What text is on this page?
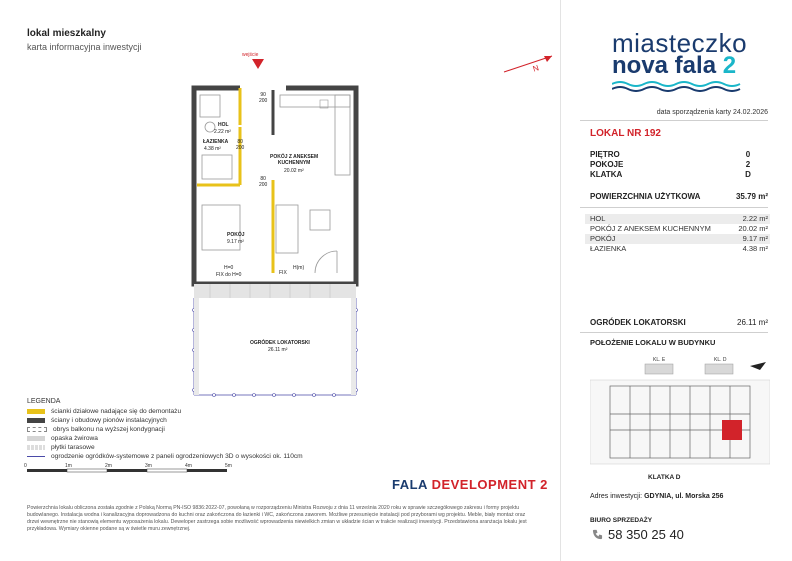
lokal mieszkalny
karta informacyjna inwestycji
wejście
HOL
2.22 m²
ŁAZIENKA
4.38 m²
POKÓJ Z ANEKSEM
KUCHENNYM
20.02 m²
POKÓJ
9.17 m²
80
200
90
200
80
200
FIX
FIX do H=0
H=0	H(m)
OGRÓDEK LOKATORSKI
26.11 m²
N
miasteczko
nova fala 2
data sporządzenia karty 24.02.2026
LOKAL NR 192
PIĘTRO	0
POKOJE	2
KLATKA	D
POWIERZCHNIA UŻYTKOWA	35.79 m²
HOL	2.22 m²
POKÓJ Z ANEKSEM KUCHENNYM	20.02 m²
POKÓJ	9.17 m²
ŁAZIENKA	4.38 m²
OGRÓDEK LOKATORSKI	26.11 m²
POŁOŻENIE LOKALU W BUDYNKU
KL. E	KL. D
KLATKA D
LEGENDA
ścianki działowe nadające się do demontażu
ściany i obudowy pionów instalacyjnych
obrys balkonu na wyższej kondygnacji
opaska żwirowa
płytki tarasowe
ogrodzenie ogródków-systemowe z paneli ogrodzeniowych 3D o wysokości ok. 110cm
0	1m	2m	3m	4m	5m
FALA DEVELOPMENT 2
Powierzchnia lokalu obliczona została zgodnie z Polską Normą PN-ISO 9836:2022-07, powołaną w rozporządzeniu Ministra Rozwoju z dnia 11 września 2020 roku w sprawie szczegółowego zakresu i formy projektu budowlanego. Instalacja wodna i kanalizacyjna doprowadzona do kuchni oraz zakończona do łazienki i WC, zakończona zaworem. Możliwe przesunięcie instalacji pod przyborami wg projektu. Meble, biały montaż oraz drzwi wewnętrzne nie stanowią elementu wyposażenia lokalu. Deweloper zastrzega sobie możliwość wprowadzenia niewielkich zmian w układzie ścian w trakcie realizacji inwestycji. Przedstawiona aranżacja lokalu jest przykładowa. Wymiary okienne podane są w świetle muru zewnętrznej.
Adres inwestycji: GDYNIA, ul. Morska 256
BIURO SPRZEDAŻY
58 350 25 40
